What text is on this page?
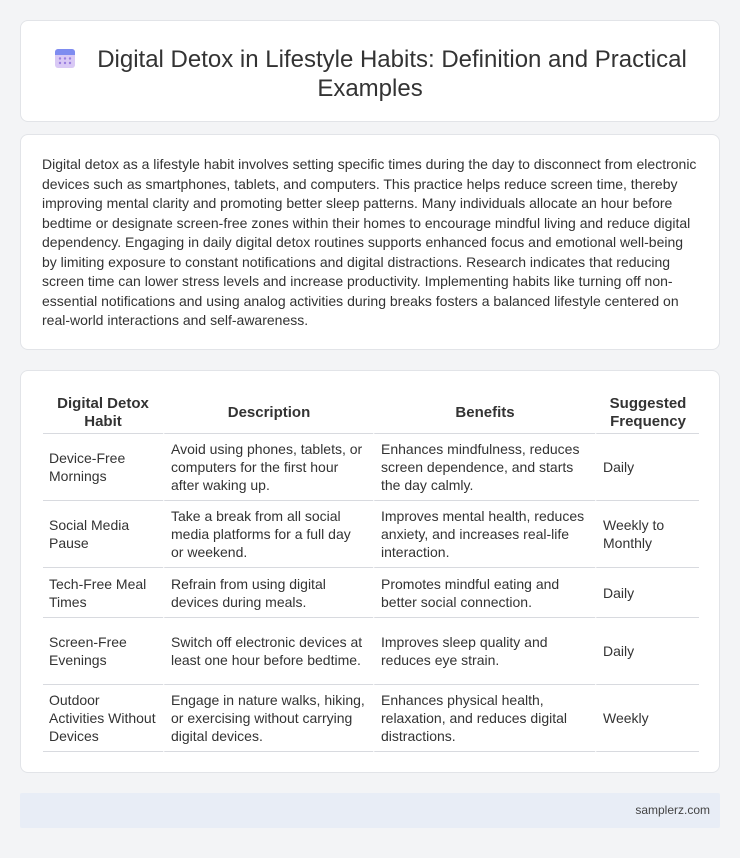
Digital Detox in Lifestyle Habits: Definition and Practical Examples

Digital detox as a lifestyle habit involves setting specific times during the day to disconnect from electronic devices such as smartphones, tablets, and computers. This practice helps reduce screen time, thereby improving mental clarity and promoting better sleep patterns. Many individuals allocate an hour before bedtime or designate screen-free zones within their homes to encourage mindful living and reduce digital dependency. Engaging in daily digital detox routines supports enhanced focus and emotional well-being by limiting exposure to constant notifications and digital distractions. Research indicates that reducing screen time can lower stress levels and increase productivity. Implementing habits like turning off non-essential notifications and using analog activities during breaks fosters a balanced lifestyle centered on real-world interactions and self-awareness.

Digital Detox Habit	Description	Benefits	Suggested Frequency
Device-Free Mornings	Avoid using phones, tablets, or computers for the first hour after waking up.	Enhances mindfulness, reduces screen dependence, and starts the day calmly.	Daily
Social Media Pause	Take a break from all social media platforms for a full day or weekend.	Improves mental health, reduces anxiety, and increases real-life interaction.	Weekly to Monthly
Tech-Free Meal Times	Refrain from using digital devices during meals.	Promotes mindful eating and better social connection.	Daily
Screen-Free Evenings	Switch off electronic devices at least one hour before bedtime.	Improves sleep quality and reduces eye strain.	Daily
Outdoor Activities Without Devices	Engage in nature walks, hiking, or exercising without carrying digital devices.	Enhances physical health, relaxation, and reduces digital distractions.	Weekly
samplerz.com
